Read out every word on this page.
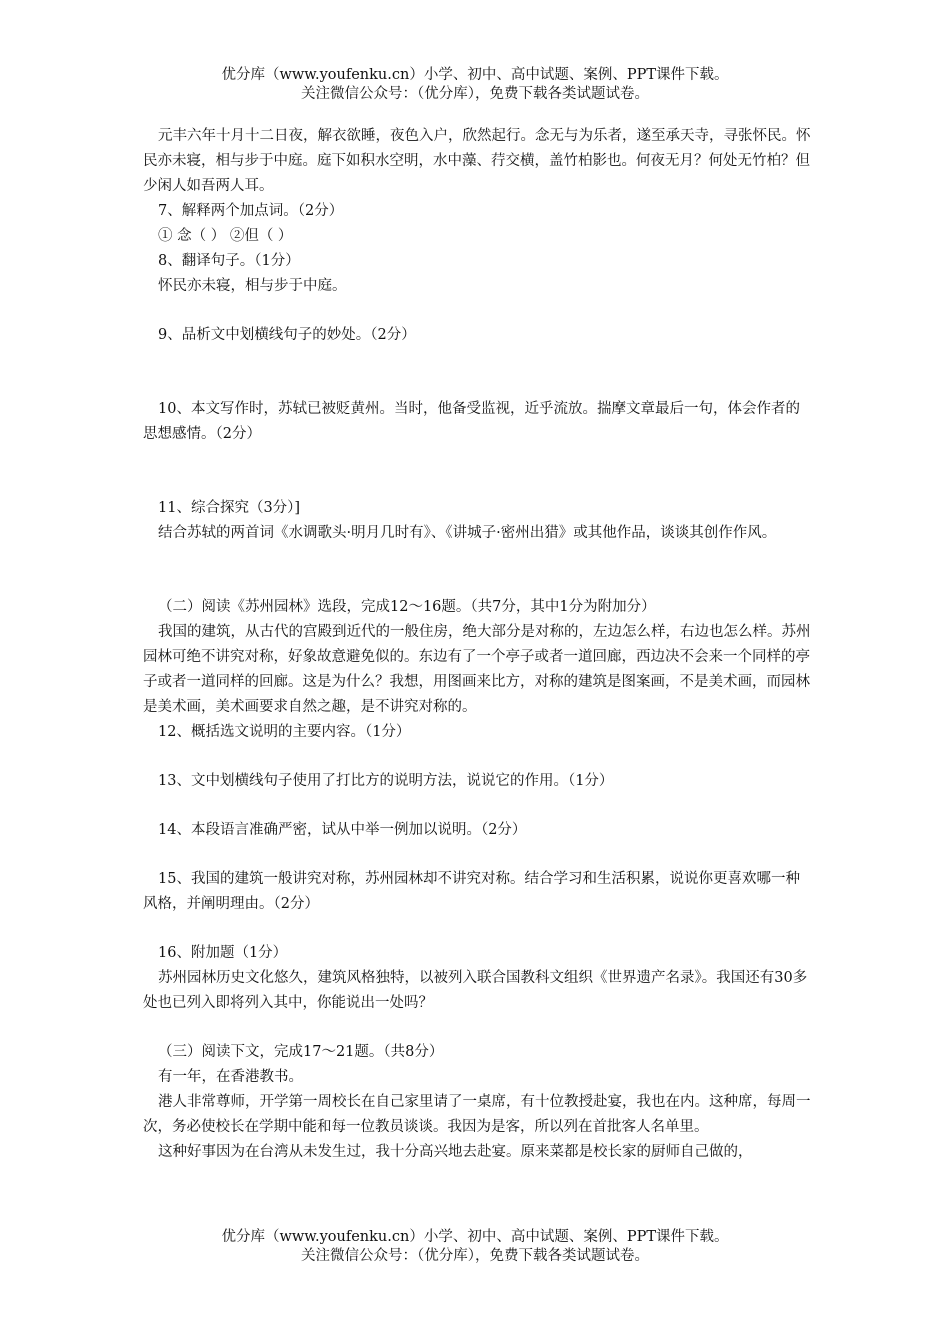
优分库（www.youfenku.cn）小学、初中、高中试题、案例、PPT课件下载。
关注微信公众号：（优分库），免费下载各类试题试卷。

元丰六年十月十二日夜，解衣欲睡，夜色入户，欣然起行。念无与为乐者，遂至承天寺，寻张怀民。怀民亦未寝，相与步于中庭。庭下如积水空明，水中藻、荇交横，盖竹柏影也。何夜无月？何处无竹柏？但少闲人如吾两人耳。

7、解释两个加点词。（2分）

① 念（ ） ②但（ ）

8、翻译句子。（1分）

怀民亦未寝，相与步于中庭。

9、品析文中划横线句子的妙处。（2分）

10、本文写作时，苏轼已被贬黄州。当时，他备受监视，近乎流放。揣摩文章最后一句，体会作者的思想感情。（2分）

11、综合探究（3分）]

结合苏轼的两首词《水调歌头·明月几时有》、《讲城子·密州出猎》或其他作品，谈谈其创作作风。

（二）阅读《苏州园林》选段，完成12～16题。（共7分，其中1分为附加分）

我国的建筑，从古代的宫殿到近代的一般住房，绝大部分是对称的，左边怎么样，右边也怎么样。苏州园林可绝不讲究对称，好象故意避免似的。东边有了一个亭子或者一道回廊，西边决不会来一个同样的亭子或者一道同样的回廊。这是为什么？我想，用图画来比方，对称的建筑是图案画，不是美术画，而园林是美术画，美术画要求自然之趣，是不讲究对称的。

12、概括选文说明的主要内容。（1分）

13、文中划横线句子使用了打比方的说明方法，说说它的作用。（1分）

14、本段语言准确严密，试从中举一例加以说明。（2分）

15、我国的建筑一般讲究对称，苏州园林却不讲究对称。结合学习和生活积累，说说你更喜欢哪一种风格，并阐明理由。（2分）

16、附加题（1分）

苏州园林历史文化悠久，建筑风格独特，以被列入联合国教科文组织《世界遗产名录》。我国还有30多处也已列入即将列入其中，你能说出一处吗？

（三）阅读下文，完成17～21题。（共8分）

有一年，在香港教书。

港人非常尊师，开学第一周校长在自己家里请了一桌席，有十位教授赴宴，我也在内。这种席，每周一次，务必使校长在学期中能和每一位教员谈谈。我因为是客，所以列在首批客人名单里。

这种好事因为在台湾从未发生过，我十分高兴地去赴宴。原来菜都是校长家的厨师自己做的，

优分库（www.youfenku.cn）小学、初中、高中试题、案例、PPT课件下载。
关注微信公众号：（优分库），免费下载各类试题试卷。
